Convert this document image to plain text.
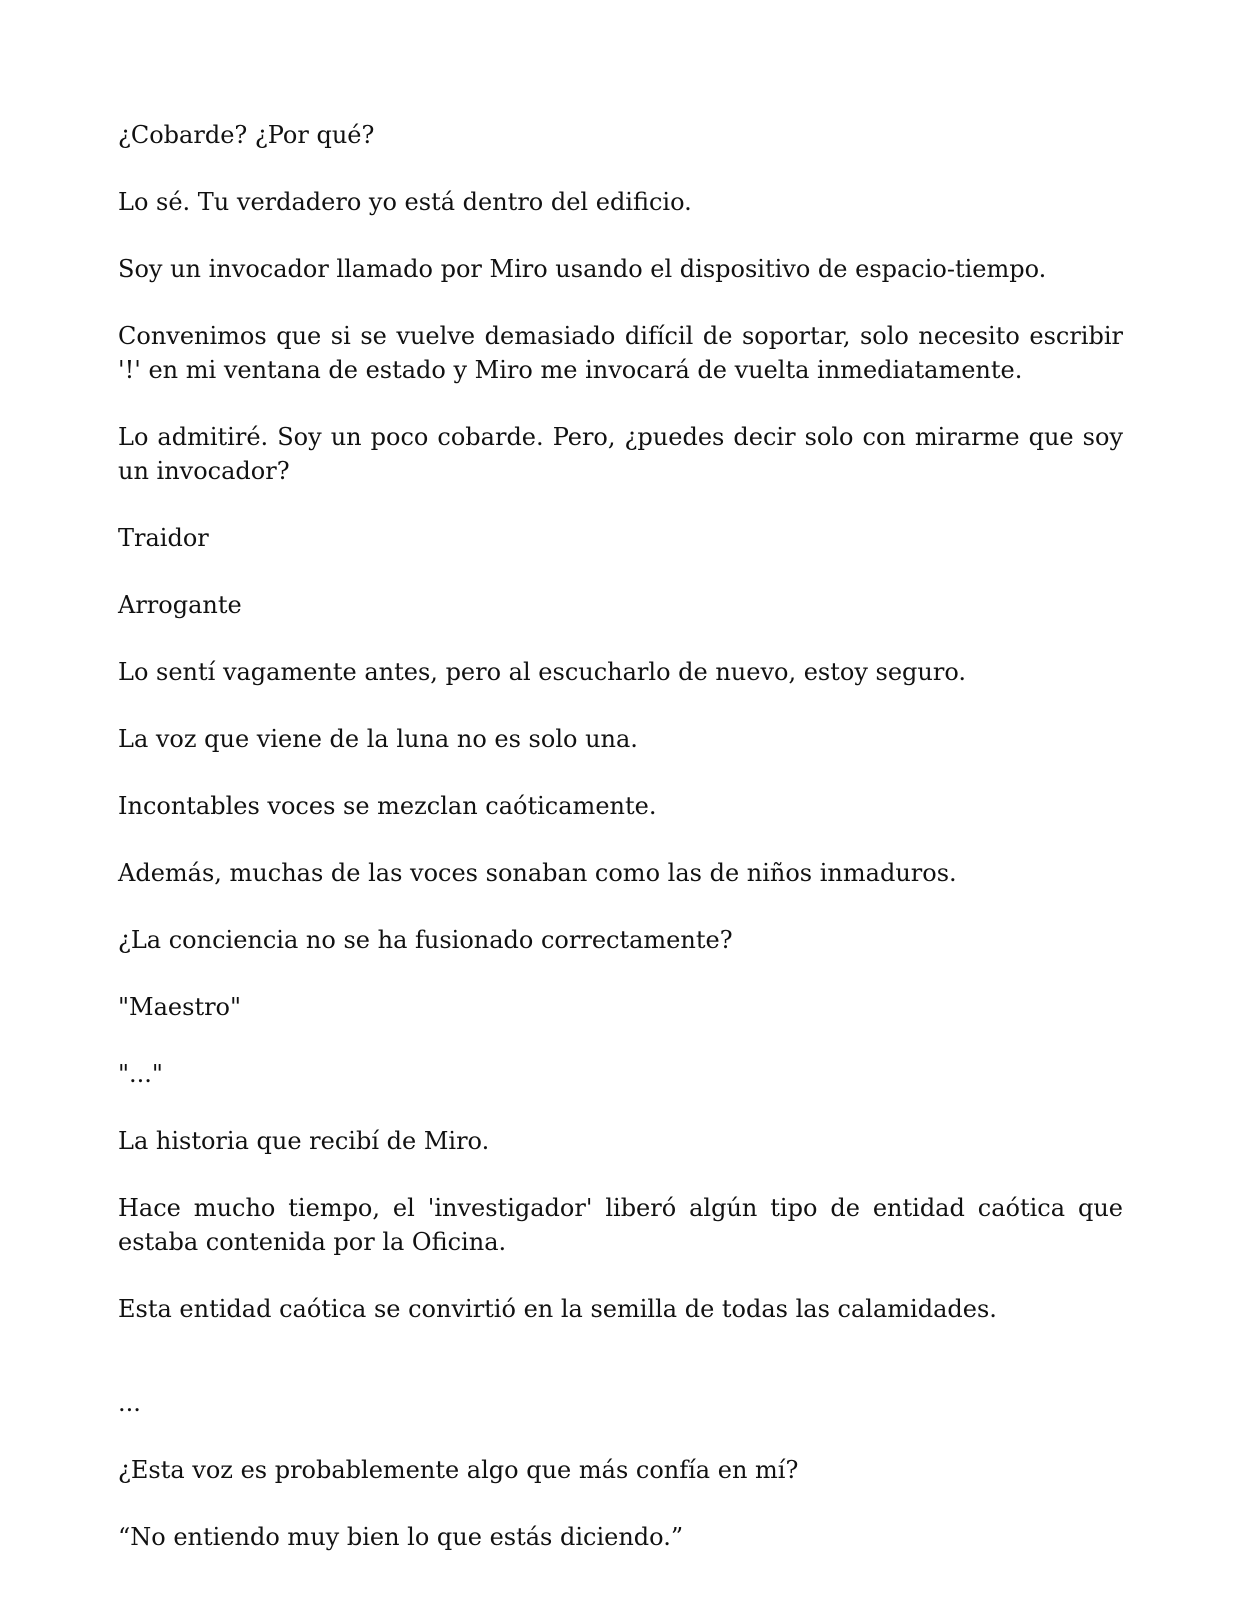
¿Cobarde? ¿Por qué?

Lo sé. Tu verdadero yo está dentro del edificio.

Soy un invocador llamado por Miro usando el dispositivo de espacio-tiempo.

Convenimos que si se vuelve demasiado difícil de soportar, solo necesito escribir '!' en mi ventana de estado y Miro me invocará de vuelta inmediatamente.

Lo admitiré. Soy un poco cobarde. Pero, ¿puedes decir solo con mirarme que soy un invocador?

Traidor

Arrogante

Lo sentí vagamente antes, pero al escucharlo de nuevo, estoy seguro.

La voz que viene de la luna no es solo una.

Incontables voces se mezclan caóticamente.

Además, muchas de las voces sonaban como las de niños inmaduros.

¿La conciencia no se ha fusionado correctamente?

"Maestro"

"..."

La historia que recibí de Miro.

Hace mucho tiempo, el 'investigador' liberó algún tipo de entidad caótica que estaba contenida por la Oficina.

Esta entidad caótica se convirtió en la semilla de todas las calamidades.

...

¿Esta voz es probablemente algo que más confía en mí?

“No entiendo muy bien lo que estás diciendo.”
